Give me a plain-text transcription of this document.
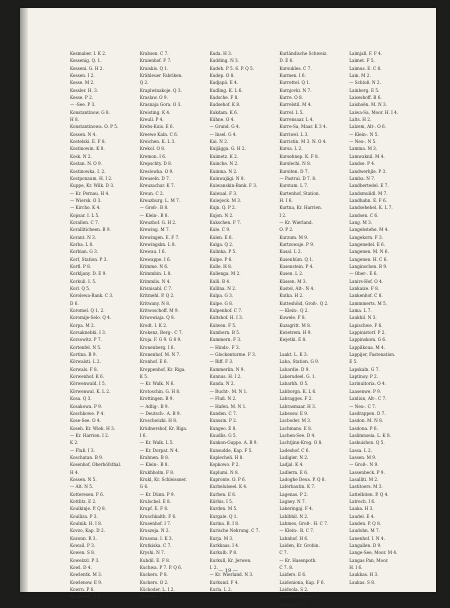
Kesmaber. I. K 2.
Kessenig. Q. 1.
Kesseni. G. H 2.
Kessen. I 2.
Kesse. M 2.
Kessler. H. 3.
Kesse. P 2.
— -See. P 3.
Konstantinow. G 8.
H 8.
Konstantinowa. O. P 5.
Kossen. N 4.
Kostelski. E. F 8.
Kostinowin. K 8.
Kosk. N 2.
Kostan. N. O 9.
Kostinowka. I. 2.
Kostponaum. H. I 2.
Kuppe, Kr. Wilk. D 3.
— Kr. Pernau. H 4.
— Wiersk. O 3.
— Kircho. K 4.
Kopsar. I. L 5.
Korallen. C 7.
Koralliticheen. B 9.
Korant. N 3.
Korba. L 8.
Korbian. G 3.
Korf, Station. P 3.
Korfl. P 8.
Korkljany. D. E 9.
Korkuli. I. 5.
Korl. Q 5.
Korolewa-Bank. C 3.
D 6.
Koromel. Q 1. 2.
Koromije-Selo. Q 4.
Korpa. M 2.
Korsaknebki. I 3.
Korsowitz. P 7.
Kortenfel. N 5.
Kortina. B 9.
Körwalsti. L 2.
Korwals. F 8.
Korwenhof. K 6.
Körwenwald. I 5.
Körwenwal. K. L 2.
Kosa. Q 3.
Kosakowa. P 9.
Koschkowe. P 4.
Kose-See. O 4.
Koseh. Kr. Wiek. H 3.
— Kr. Harrien. I 2.
K 2.
— Fluß. I 3.
Koschatan. B 9.
Kosenhof, Oberhöfsthal.
H 4.
Kossen. N 5.
— Alt. N 5.
Kotteresen. F 6.
Kottlitz. E 2.
Koulkinje. P. Q 8.
Koulliza. P 3.
Koulnik. H. I 8.
Kovzo, Kap. D 2.
Kozonn. R 3.
Kowail. P 3.
Kowen. S 8.
Kowelzzl. P 3.
Kowl. D 4.
Kowlentk. M 3.
Kowlenow. E 9.
Kowrn. P 6.
Krageisel. N 6.
Krabsen. C 7.
Kraienhof. F 7.
Kraiskis. Q 1.
Krähleuer Fabriken.
Q 2.
Kraplwinakoje. Q 3.
Kraslaw. O 9.
Krasnaja Gora. O 3.
Kreisting. K 4.
Kreull. P 4.
Krebs-Kuis. E 6.
Kreewe Kaln. C 6.
Kreichen. K. L 3.
Krekol. O 8.
Kremon. I 6.
Krepschty. D 8.
Kreslowka. O 9.
Kreuseln. D 7.
Kreuzachar. K 7.
Kreun. C 2.
Kreuzburg. L. M 7.
— Groß-. B 8.
— Klein-. B 8.
Kreuzhof. G. H 2.
Krewing. M 7.
Krewingen. E. F 7.
Krewingskn. L 8.
Krewau. I 6.
Krewappe. I 6.
Krimme. N 6.
Krimmbin. L 8.
Krimmlis. N 4.
Krisnisahl. C 7.
Kritmehl. P. Q 2.
Kritwany. N 8.
Kritwoschoff. M 9.
Kriwowiaja. Q 8.
Krodt. I. K 2.
Krokenz, Berg-. C 7.
Kroja. F. G 9. G 8 9.
Kronenberg. I 6.
Kronenhof. M. N 7.
Kronhof. E 6.
Kroppenhof, Kr. Riga.
K 5.
— Kr. Walk. N 6.
Krotoschin. G. H 8.
Krottingen. B 9.
— Adlig-. B 9.
— Deutsch-. A. B 9.
Kroschwizki. H 8.
Krüdnershof, Kr. Riga.
I 6.
— Kr. Walk. L 5.
— Kr. Dorpat. N 4.
Krahnen. B 8.
— Klein-. B 8.
Krukhholm. F 8.
Krukl, Kr. Schleissner.
G 6.
— Kr. Dünn. P 9.
Krulschel. E 8.
Krupf. E. F 8.
Kruschkalth. F 6.
Krusenhof. I 7.
Kruszeja. N 2.
Krusona. I. K 3.
Krutkiska. C 7.
Kryshi. N 7.
Kubdil. E. F 8.
Kuchwa. P 7. P. Q 6.
Kuckers. P 8.
Kuckers. O 2.
Kückoder. L. I 2.
Kuckum. N 3.
Kuda. H 3.
Kudding. N 3.
Kudeh. P 5. 6. P. Q 5.
Kudep. O 8.
Kudjapä. E 4.
Kudling. K. L 6.
Kudsche. F 8.
Kudsehof. K 8.
Kukdam. K 6.
Kühne. O 4.
— Grund. G 4.
— Insel. G 4.
Kai. N 2.
Kuijägga. G. H 2.
Kuimetz. K 2.
Kuinche. N 2.
Kuinma. N 2.
Kuinwajägi. N 8.
Kuiwanskin-Bank. F 3.
Kaiwaal. F 3.
Kuiwjeck. M 3.
Kujn. Q. P 2.
Kujon. N 2.
Kukschen. F 7.
Kule. C 9.
Kulen. E 6.
Kulga. Q 2.
Kulinka. P 5.
Kulpe. P 6.
Kulle. H 8.
Kullenga. M 2.
Kulli. B 4.
Kullina. N 2.
Kulpa. G 3.
Kulpe. G 8.
Kulpenhof. C 7.
Kultshof. H. I 3.
Kulwen. F 5.
Kumbern. B 5.
Kummern. F 3.
— Hinds-. F 3.
— Glockenturme. F 3.
— Riff. F 3.
Kummerlin. N 9.
Kunnus. H. I 2.
Kunda. N 2.
— Bucht-. M. N 1.
— Fluß. N 2.
— Hafen. M. N 1.
Kunden. C 7.
Kunssin. P 2.
Kungeo. E 8.
Kuudlis. G 5.
Kunkon-Guppo. A. B 9.
Kunsudde, Kap. F 5.
Kuplecheli. H 8.
Kopkowo. P 2.
Kuplumi. N 8.
Kupronte. O. P 6.
Kurbelulseel. K 4.
Kurben. E 6.
Kürbis. I 5.
Kurden. M 5.
Kurgale. Q 1.
Kurina. B. I 8.
Kurische Nehrung. C 7.
Kurja. M 3.
Kurkkaas. I 4.
Kurkulb. P 8.
Kurkull, Kr. Jerwen.
I. 2.
— Kr. Wierland. N 3.
Kurkund. F 4.
Kurla. L 2.
Kurländische Schweiz.
D. E 6.
Kursukles. C 7.
Kurmen. I 6.
Kurrettel. Q 1.
Kurnjovki. N 7.
Kurre. O 8.
Kurrelstil. M 4.
Kurrel. L 5.
Kurrensaar. L 4.
Kurre-Sa, Maar. K 3 4.
Kurriwel. L 3.
Kurristin. M 3. N. O 4.
Kursa. L 2.
Kursehnep. K. F 8.
Kurslechi. N 8.
Kursiten. D 7.
— Pastrai. D 7. 8.
Kurstam. L 7.
Kurtenhof, Station.
H. I 6.
Kurtna, Kr. Harrien.
I 2.
— Kr. Wierland.
O. P 2.
Kurzum. M 9.
Kurtzowaje. P 9.
Kusal. L 2.
Kusenhüm. Q 1.
Kusenstein. P 4.
Kusen. L 2.
Küssen. M 3.
Kustel, Alt-. N 4.
Kutka. H 2.
Kutteshöid, Groß-. Q 2.
— Klein-. Q 2.
Kuwele. F 8.
Kuzsgritt. M 8.
Kwietrem. H 9.
Kwjetki. E 8.
Laakt. L. K 3.
Laba, Station. G 9.
Labardie. D 9.
Laberudeel. G. 1.
Labarkh. O 5.
Labborgn. K. L 6.
Labragges. F 2.
Labrasmaar. H 3.
Labessw. E 9.
Lacboder. M 3.
Lachmans. E 8.
Lachen-See. D 4.
Lachtjinn-Krog. O 8.
Ladeshof. C 6.
Ladigier. N 2.
Ladjal. K 4.
Ladlerm. E 6.
Ladoghe Deus. P. Q 8.
Laferbautin. K 7.
Lagenas. P 2.
Lagney. N 7.
Lakeringaj. F 4.
Lahlbhil. N 2.
Lahmes, Groß-. H. C 7.
— Klein-. B. C 7.
Lahnhof. H 6.
Laiden, Kr. Grobin.
C 7.
— Kr. Hasenpoth.
C 7. 8.
Laiders. E 6.
Laidoniona, Kap. F 6.
Laidoola. S 2.
Laiknar-Dihwa. I 6.
Laimetz. L 3.
Laimjall. F. F 4.
Laimet. F 5.
Laimus. E. C 8.
Lain. M 2.
— Schloß. N 2.
Lainberg. E 5.
Laiseshoff. B 6.
Laishoën. M. N 3.
Laiwa-Sa, Moor. H. I 4.
Lalts. H 2.
Lalzem, Alt-. O 6.
— Klein-. N 5.
— Neu-. N 5.
Lamma. M 3.
Lamwaknil. M 4.
Landse. P 4.
Landwerhjle. P 3.
Lamba. N 7.
Landbertedel. E 7.
Landsmulidl. M 7.
Landhahn. E. F 6.
Landsehebel. K. L 7.
Landsen. C 6.
Lang. M 3.
Langebstehe. M 4.
Langekorn. F 3.
Langenedel. E 6.
Langenen. M. N 6.
Langenen. H. C 6.
Langinschen. B 9.
— Ober-. E 6.
Lanirs-Hof. O 4.
Lankaize. F 8.
Lankenhof. C 8.
Lammmerts. M 5.
Lama. L 7.
Laukhil. N 3.
Lapischwe. F 6.
Lappinistorf. P 2.
Lappinskom. G 6.
Lappilkoua. M 4.
Lappijer, Fastenation.
E 5.
Lapskaln. G 7.
Laptinoy. P 2.
Larinuitoria. O 4.
Laasenwe. P 9.
Lanliun, Alt-. C 7.
— Neu-. C 7.
Lasdrappen. D 7.
Lasdon. M. N 8.
Lasdona. P 6.
Laslimnseia. L. K 8.
Laskuishon. Q 5.
Lassa. L 2.
Lassen. M 9.
— Groß-. N 9.
Lassenbeck. P 9.
Lasalliti. M 2.
Lastitoers. M 3.
Lattelbiten. P. Q 4.
Latrech. I 6.
Laaka. H 3.
Laudel. E 4.
Landen. P. Q 8.
Laudohn. M 7.
Lanenhof. I. N 4.
Langallen. D 9.
Lange-See, Moor. M 4.
Langas Pan, Moor.
H. I 6.
Laukkas. H 3.
Laukas. S 8.
— 19 —
